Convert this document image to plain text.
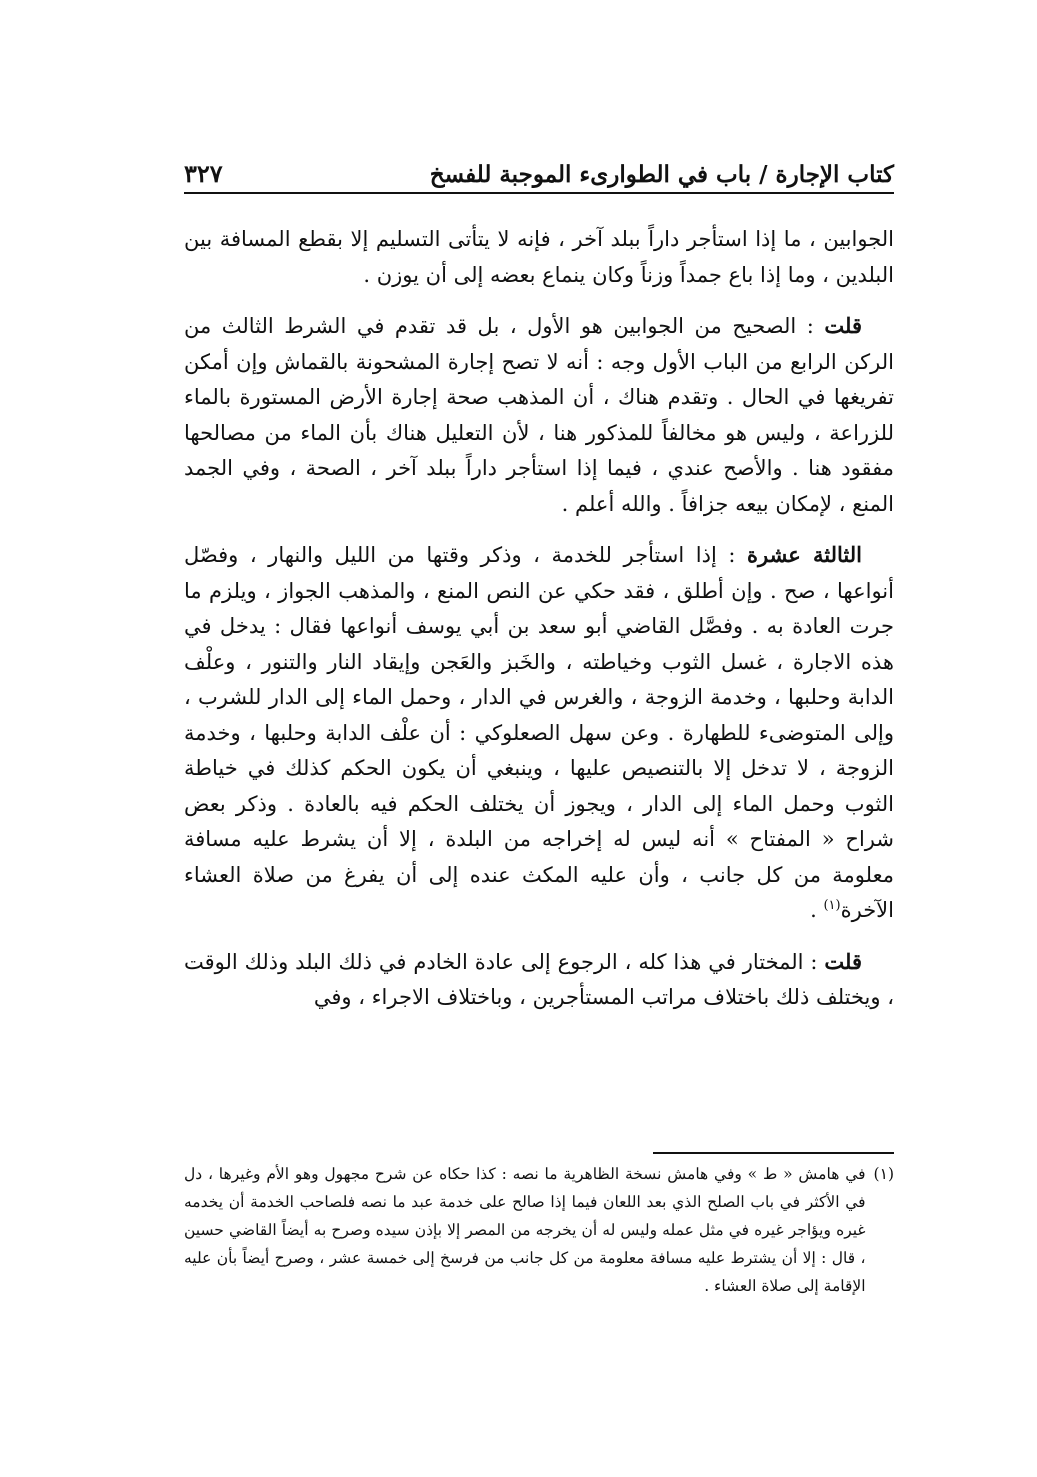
كتاب الإجارة / باب في الطوارىء الموجبة للفسخ
٣٢٧

الجوابين ، ما إذا استأجر داراً ببلد آخر ، فإنه لا يتأتى التسليم إلا بقطع المسافة بين البلدين ، وما إذا باع جمداً وزناً وكان ينماع بعضه إلى أن يوزن .

قلت : الصحيح من الجوابين هو الأول ، بل قد تقدم في الشرط الثالث من الركن الرابع من الباب الأول وجه : أنه لا تصح إجارة المشحونة بالقماش وإن أمكن تفريغها في الحال . وتقدم هناك ، أن المذهب صحة إجارة الأرض المستورة بالماء للزراعة ، وليس هو مخالفاً للمذكور هنا ، لأن التعليل هناك بأن الماء من مصالحها مفقود هنا . والأصح عندي ، فيما إذا استأجر داراً ببلد آخر ، الصحة ، وفي الجمد المنع ، لإمكان بيعه جزافاً . والله أعلم .

الثالثة عشرة : إذا استأجر للخدمة ، وذكر وقتها من الليل والنهار ، وفصّل أنواعها ، صح . وإن أطلق ، فقد حكي عن النص المنع ، والمذهب الجواز ، ويلزم ما جرت العادة به . وفصَّل القاضي أبو سعد بن أبي يوسف أنواعها فقال : يدخل في هذه الاجارة ، غسل الثوب وخياطته ، والخَبز والعَجن وإيقاد النار والتنور ، وعلْف الدابة وحلبها ، وخدمة الزوجة ، والغرس في الدار ، وحمل الماء إلى الدار للشرب ، وإلى المتوضىء للطهارة . وعن سهل الصعلوكي : أن علْف الدابة وحلبها ، وخدمة الزوجة ، لا تدخل إلا بالتنصيص عليها ، وينبغي أن يكون الحكم كذلك في خياطة الثوب وحمل الماء إلى الدار ، ويجوز أن يختلف الحكم فيه بالعادة . وذكر بعض شراح « المفتاح » أنه ليس له إخراجه من البلدة ، إلا أن يشرط عليه مسافة معلومة من كل جانب ، وأن عليه المكث عنده إلى أن يفرغ من صلاة العشاء الآخرة$^{(١)}$ .

قلت : المختار في هذا كله ، الرجوع إلى عادة الخادم في ذلك البلد وذلك الوقت ، ويختلف ذلك باختلاف مراتب المستأجرين ، وباختلاف الاجراء ، وفي

(١)
في هامش « ط » وفي هامش نسخة الظاهرية ما نصه : كذا حكاه عن شرح مجهول وهو الأم وغيرها ، دل في الأكثر في باب الصلح الذي بعد اللعان فيما إذا صالح على خدمة عبد ما نصه فلصاحب الخدمة أن يخدمه غيره ويؤاجر غيره في مثل عمله وليس له أن يخرجه من المصر إلا بإذن سيده وصرح به أيضاً القاضي حسين ، قال : إلا أن يشترط عليه مسافة معلومة من كل جانب من فرسخ إلى خمسة عشر ، وصرح أيضاً بأن عليه الإقامة إلى صلاة العشاء .
